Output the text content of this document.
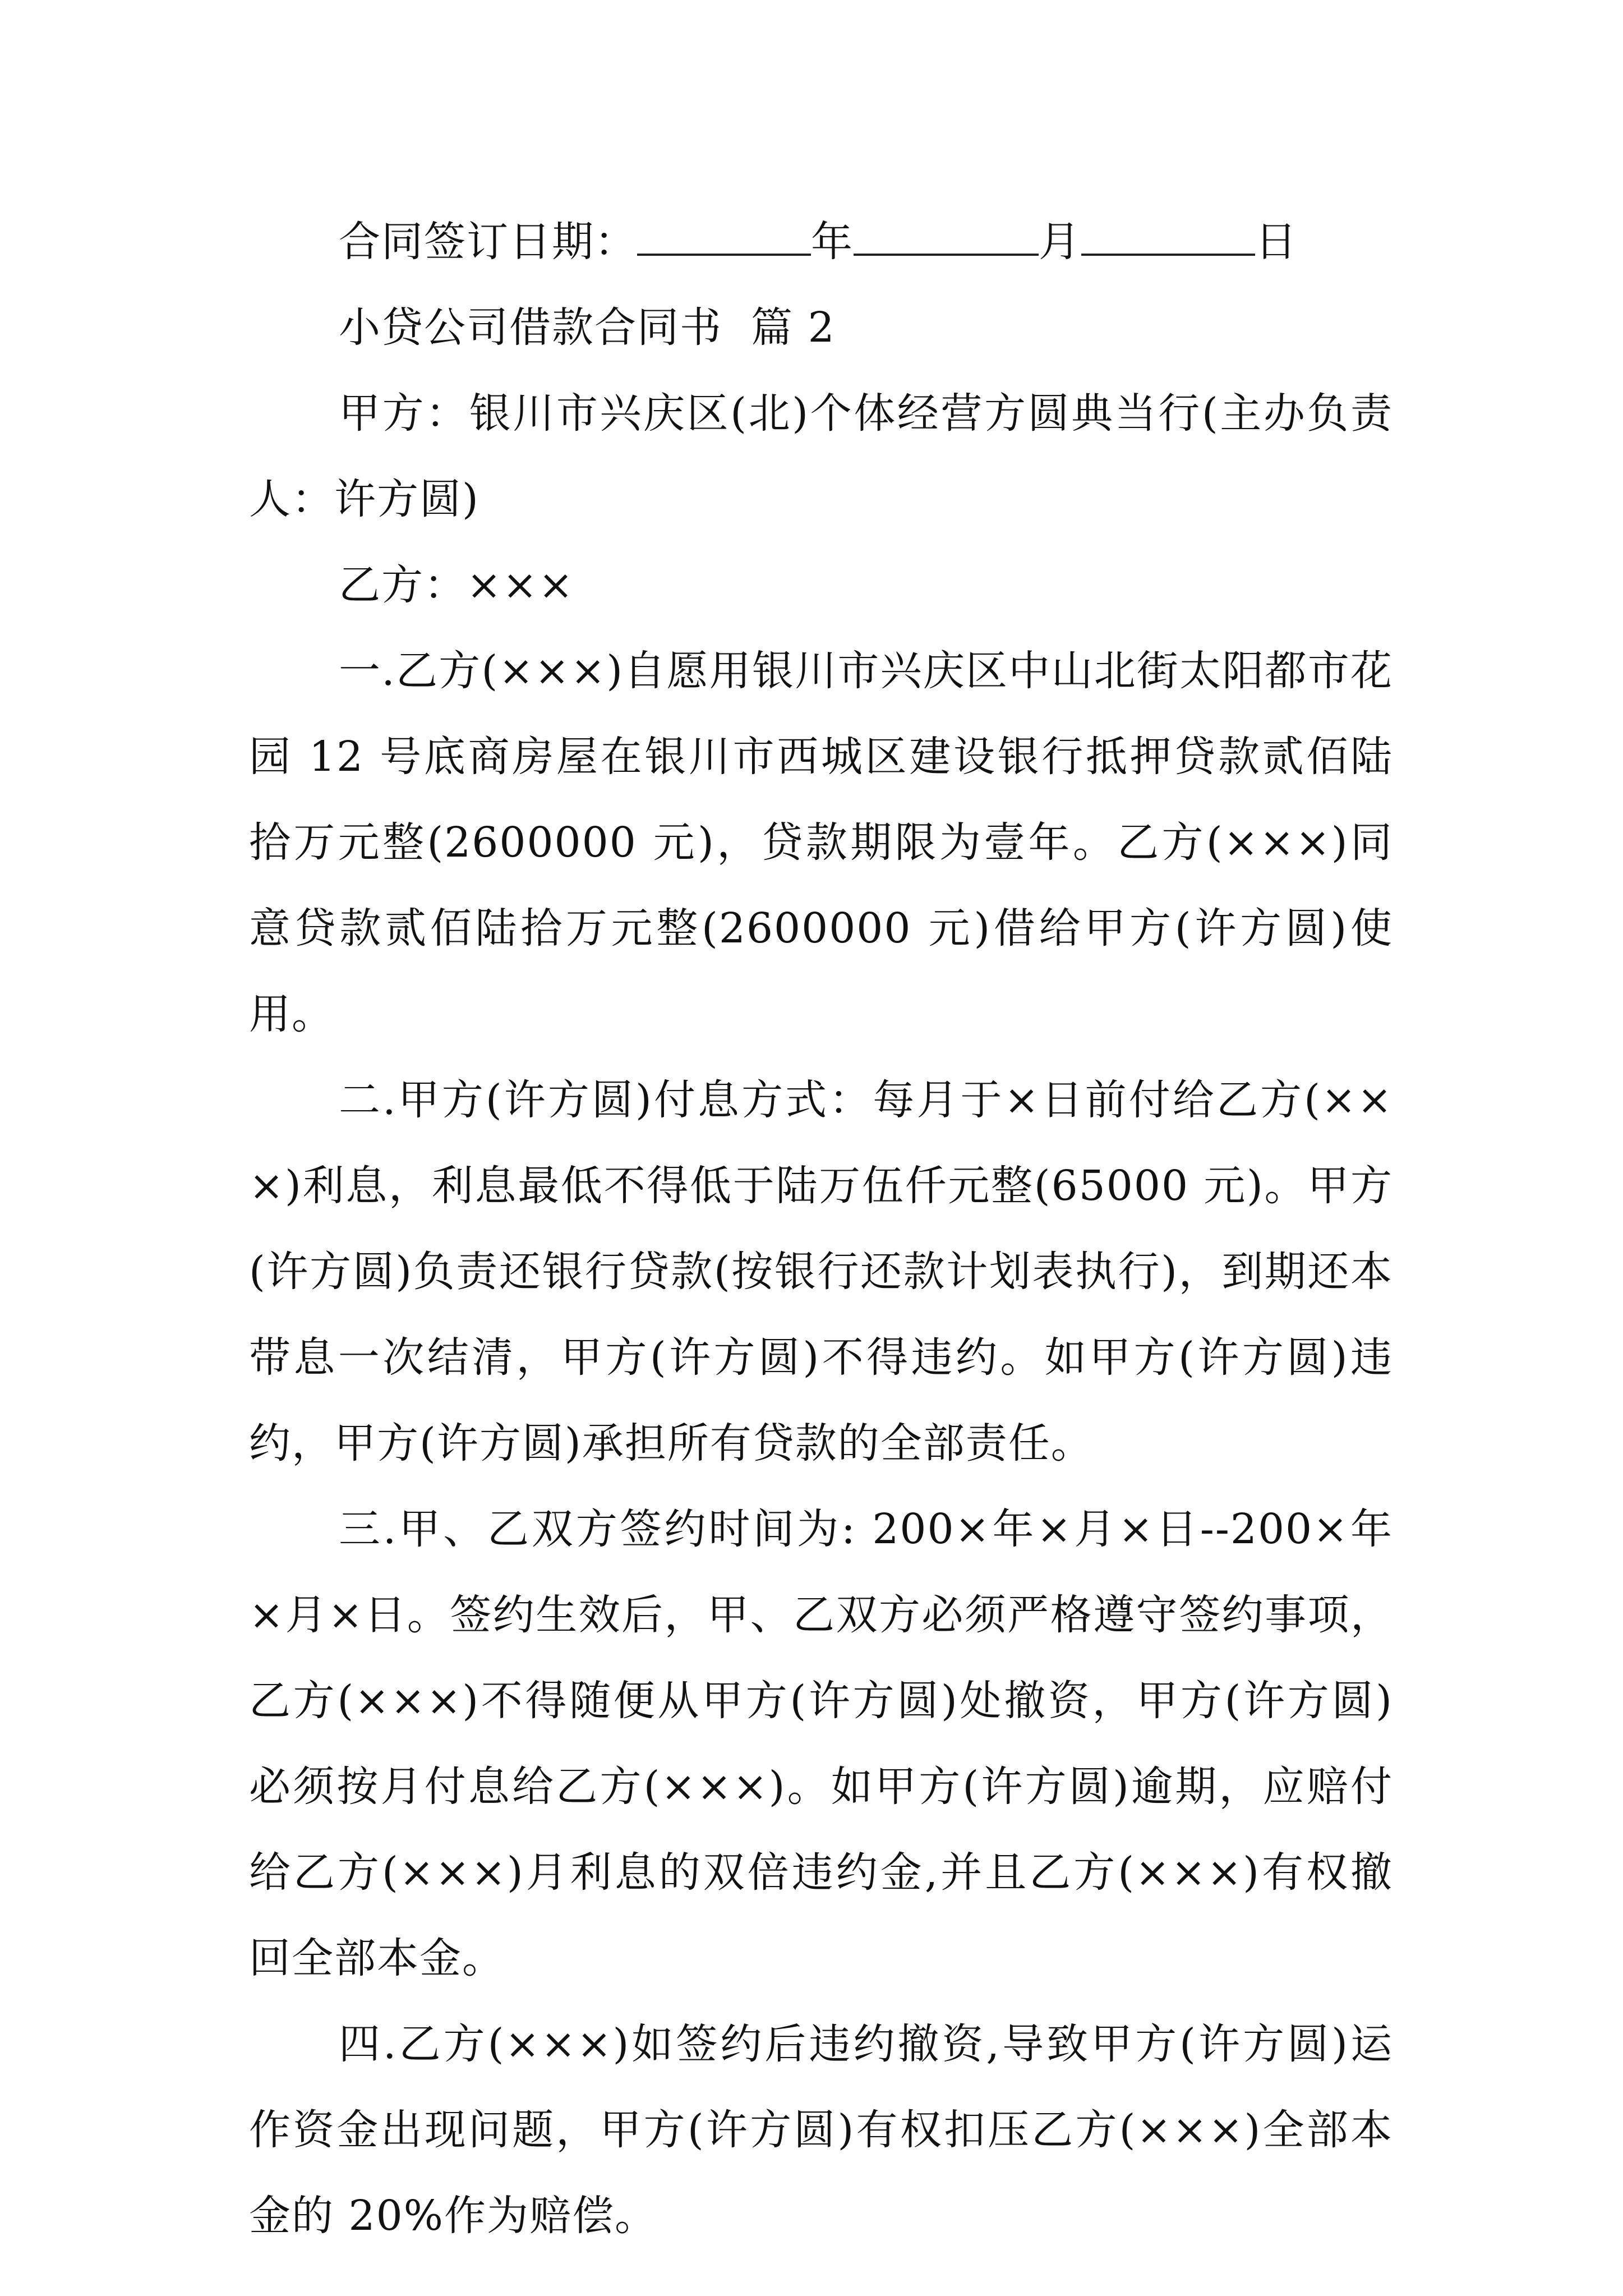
合同签订日期：	年	月	日

小贷公司借款合同书  篇 2

甲方：银川市兴庆区(北)个体经营方圆典当行(主办负责人：许方圆)

乙方：×××

一.乙方(×××)自愿用银川市兴庆区中山北街太阳都市花园 12 号底商房屋在银川市西城区建设银行抵押贷款贰佰陆拾万元整(2600000 元)，贷款期限为壹年。乙方(×××)同意贷款贰佰陆拾万元整(2600000 元)借给甲方(许方圆)使用。

二.甲方(许方圆)付息方式：每月于×日前付给乙方(×××)利息，利息最低不得低于陆万伍仟元整(65000 元)。甲方(许方圆)负责还银行贷款(按银行还款计划表执行)，到期还本带息一次结清，甲方(许方圆)不得违约。如甲方(许方圆)违约，甲方(许方圆)承担所有贷款的全部责任。

三.甲、乙双方签约时间为: 200×年×月×日--200×年×月×日。签约生效后，甲、乙双方必须严格遵守签约事项，乙方(×××)不得随便从甲方(许方圆)处撤资，甲方(许方圆)必须按月付息给乙方(×××)。如甲方(许方圆)逾期，应赔付给乙方(×××)月利息的双倍违约金,并且乙方(×××)有权撤回全部本金。

四.乙方(×××)如签约后违约撤资,导致甲方(许方圆)运作资金出现问题，甲方(许方圆)有权扣压乙方(×××)全部本金的 20%作为赔偿。
